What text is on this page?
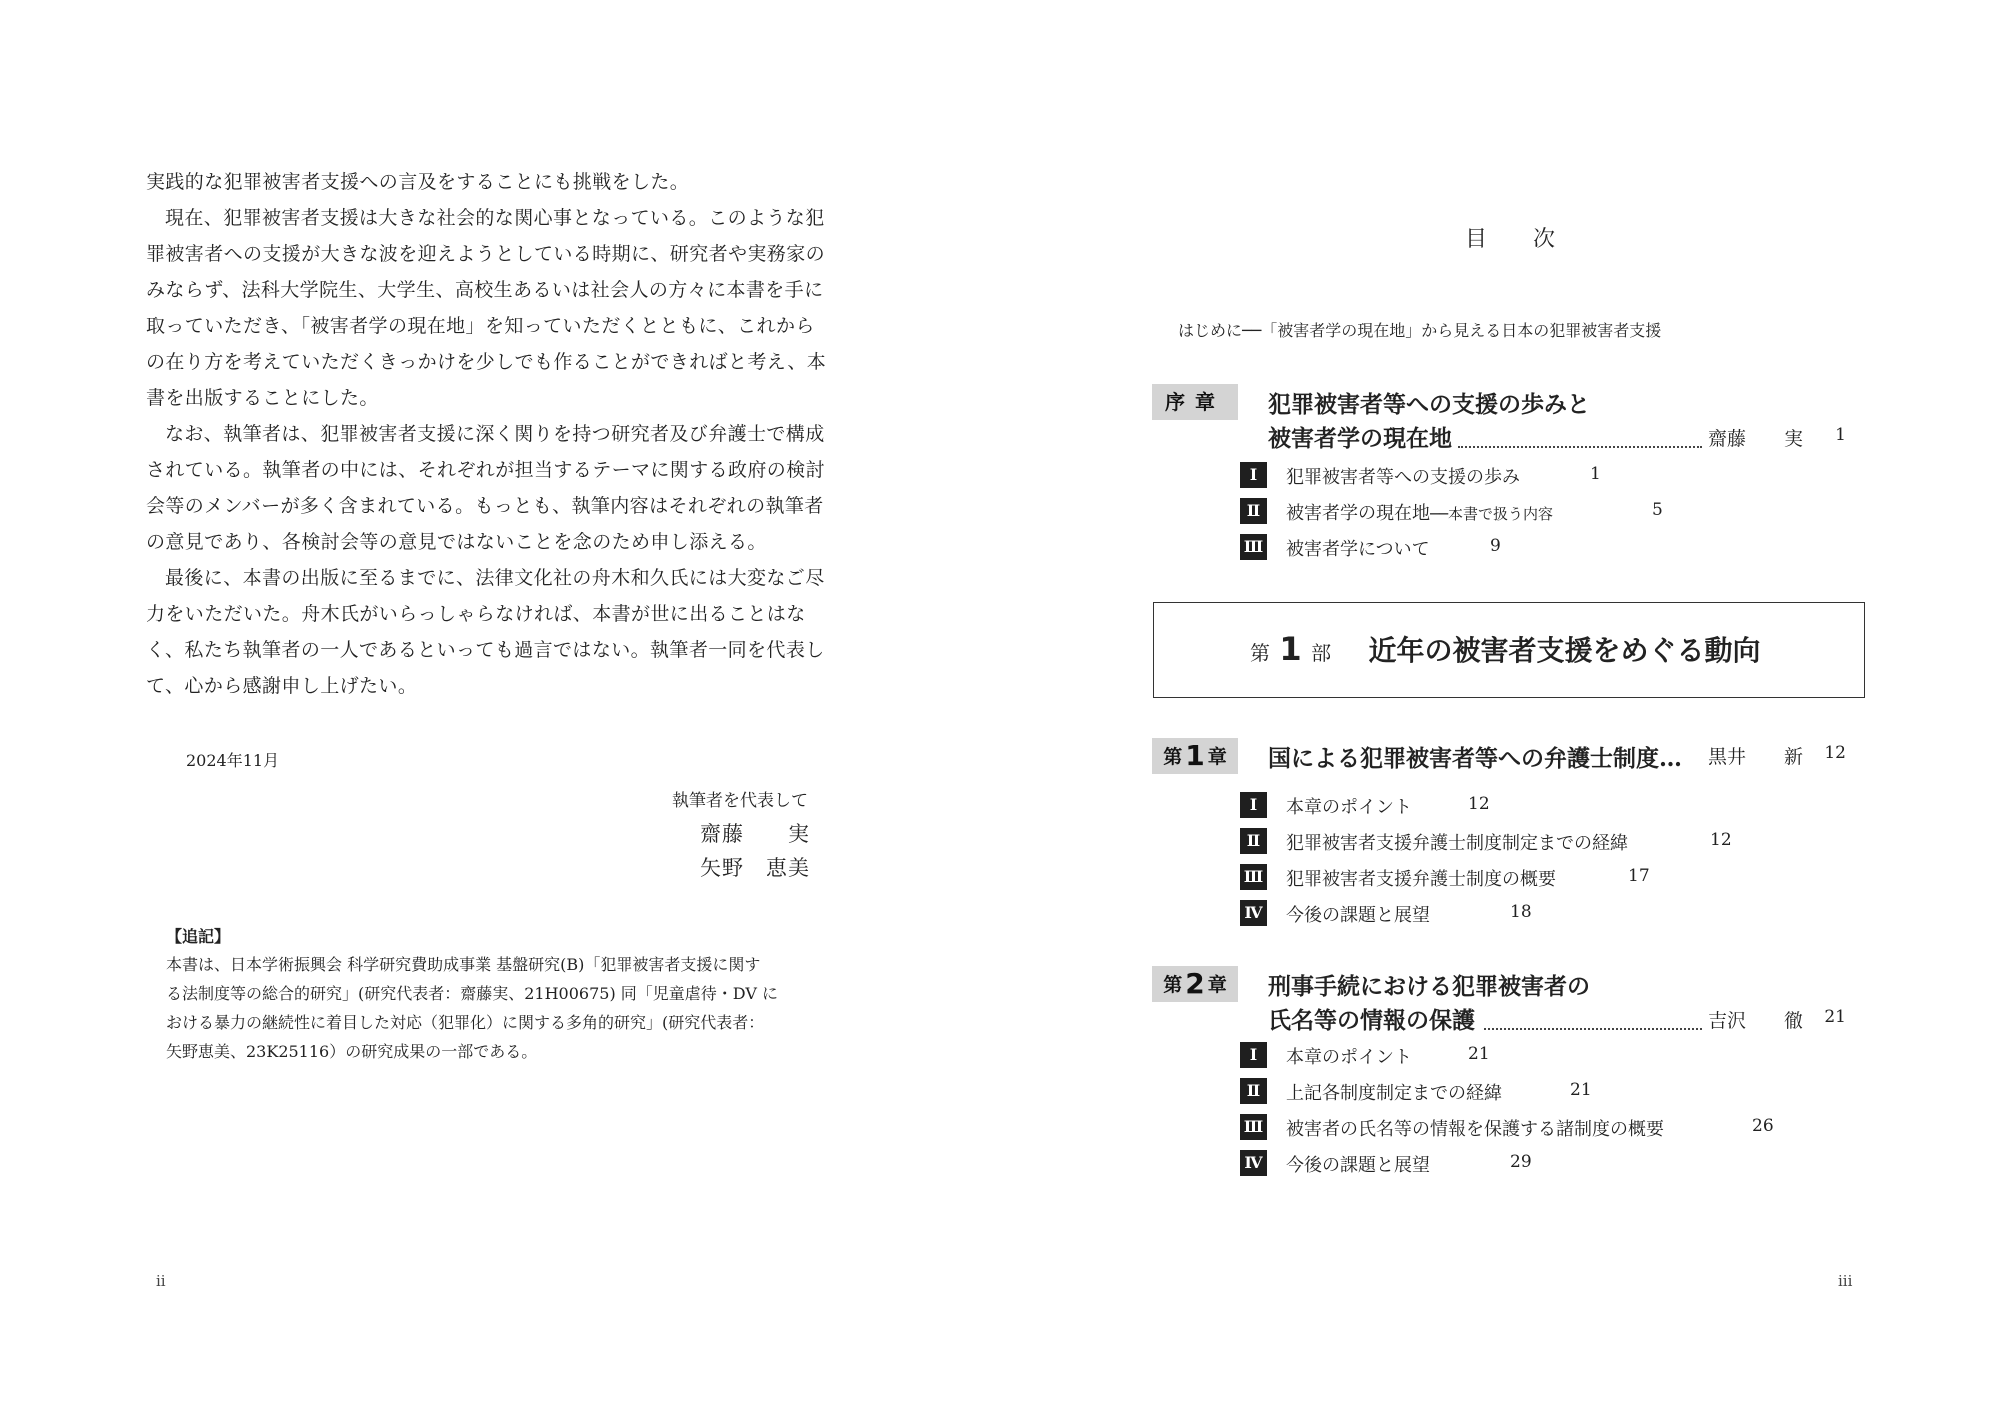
実践的な犯罪被害者支援への言及をすることにも挑戦をした。

現在、犯罪被害者支援は大きな社会的な関心事となっている。このような犯
罪被害者への支援が大きな波を迎えようとしている時期に、研究者や実務家の
みならず、法科大学院生、大学生、高校生あるいは社会人の方々に本書を手に
取っていただき、「被害者学の現在地」を知っていただくとともに、これから
の在り方を考えていただくきっかけを少しでも作ることができればと考え、本
書を出版することにした。

なお、執筆者は、犯罪被害者支援に深く関りを持つ研究者及び弁護士で構成
されている。執筆者の中には、それぞれが担当するテーマに関する政府の検討
会等のメンバーが多く含まれている。もっとも、執筆内容はそれぞれの執筆者
の意見であり、各検討会等の意見ではないことを念のため申し添える。

最後に、本書の出版に至るまでに、法律文化社の舟木和久氏には大変なご尽
力をいただいた。舟木氏がいらっしゃらなければ、本書が世に出ることはな
く、私たち執筆者の一人であるといっても過言ではない。執筆者一同を代表し
て、心から感謝申し上げたい。

2024年11月
執筆者を代表して
齋藤　　実
矢野　恵美
【追記】

本書は、日本学術振興会 科学研究費助成事業 基盤研究(B)「犯罪被害者支援に関す
る法制度等の総合的研究」(研究代表者：齋藤実、21H00675) 同「児童虐待・DV に
おける暴力の継続性に着目した対応（犯罪化）に関する多角的研究」(研究代表者：
矢野恵美、23K25116）の研究成果の一部である。

ii
目 次
はじめに──「被害者学の現在地」から見える日本の犯罪被害者支援
序章	犯罪被害者等への支援の歩みと
被害者学の現在地	齋藤　　実	1
Ⅰ	犯罪被害者等への支援の歩み	1
Ⅱ	被害者学の現在地──本書で扱う内容	5
Ⅲ 被害者学について	9
第 1 部 近年の被害者支援をめぐる動向
第 1 章	国による犯罪被害者等への弁護士制度… 黒井　　新	12
Ⅰ	本章のポイント	12
Ⅱ	犯罪被害者支援弁護士制度制定までの経緯	12
Ⅲ 犯罪被害者支援弁護士制度の概要	17
Ⅳ 今後の課題と展望	18
第 2 章	刑事手続における犯罪被害者の
氏名等の情報の保護	吉沢　　徹	21
Ⅰ	本章のポイント	21
Ⅱ	上記各制度制定までの経緯	21
Ⅲ 被害者の氏名等の情報を保護する諸制度の概要	26
Ⅳ 今後の課題と展望	29
iii
